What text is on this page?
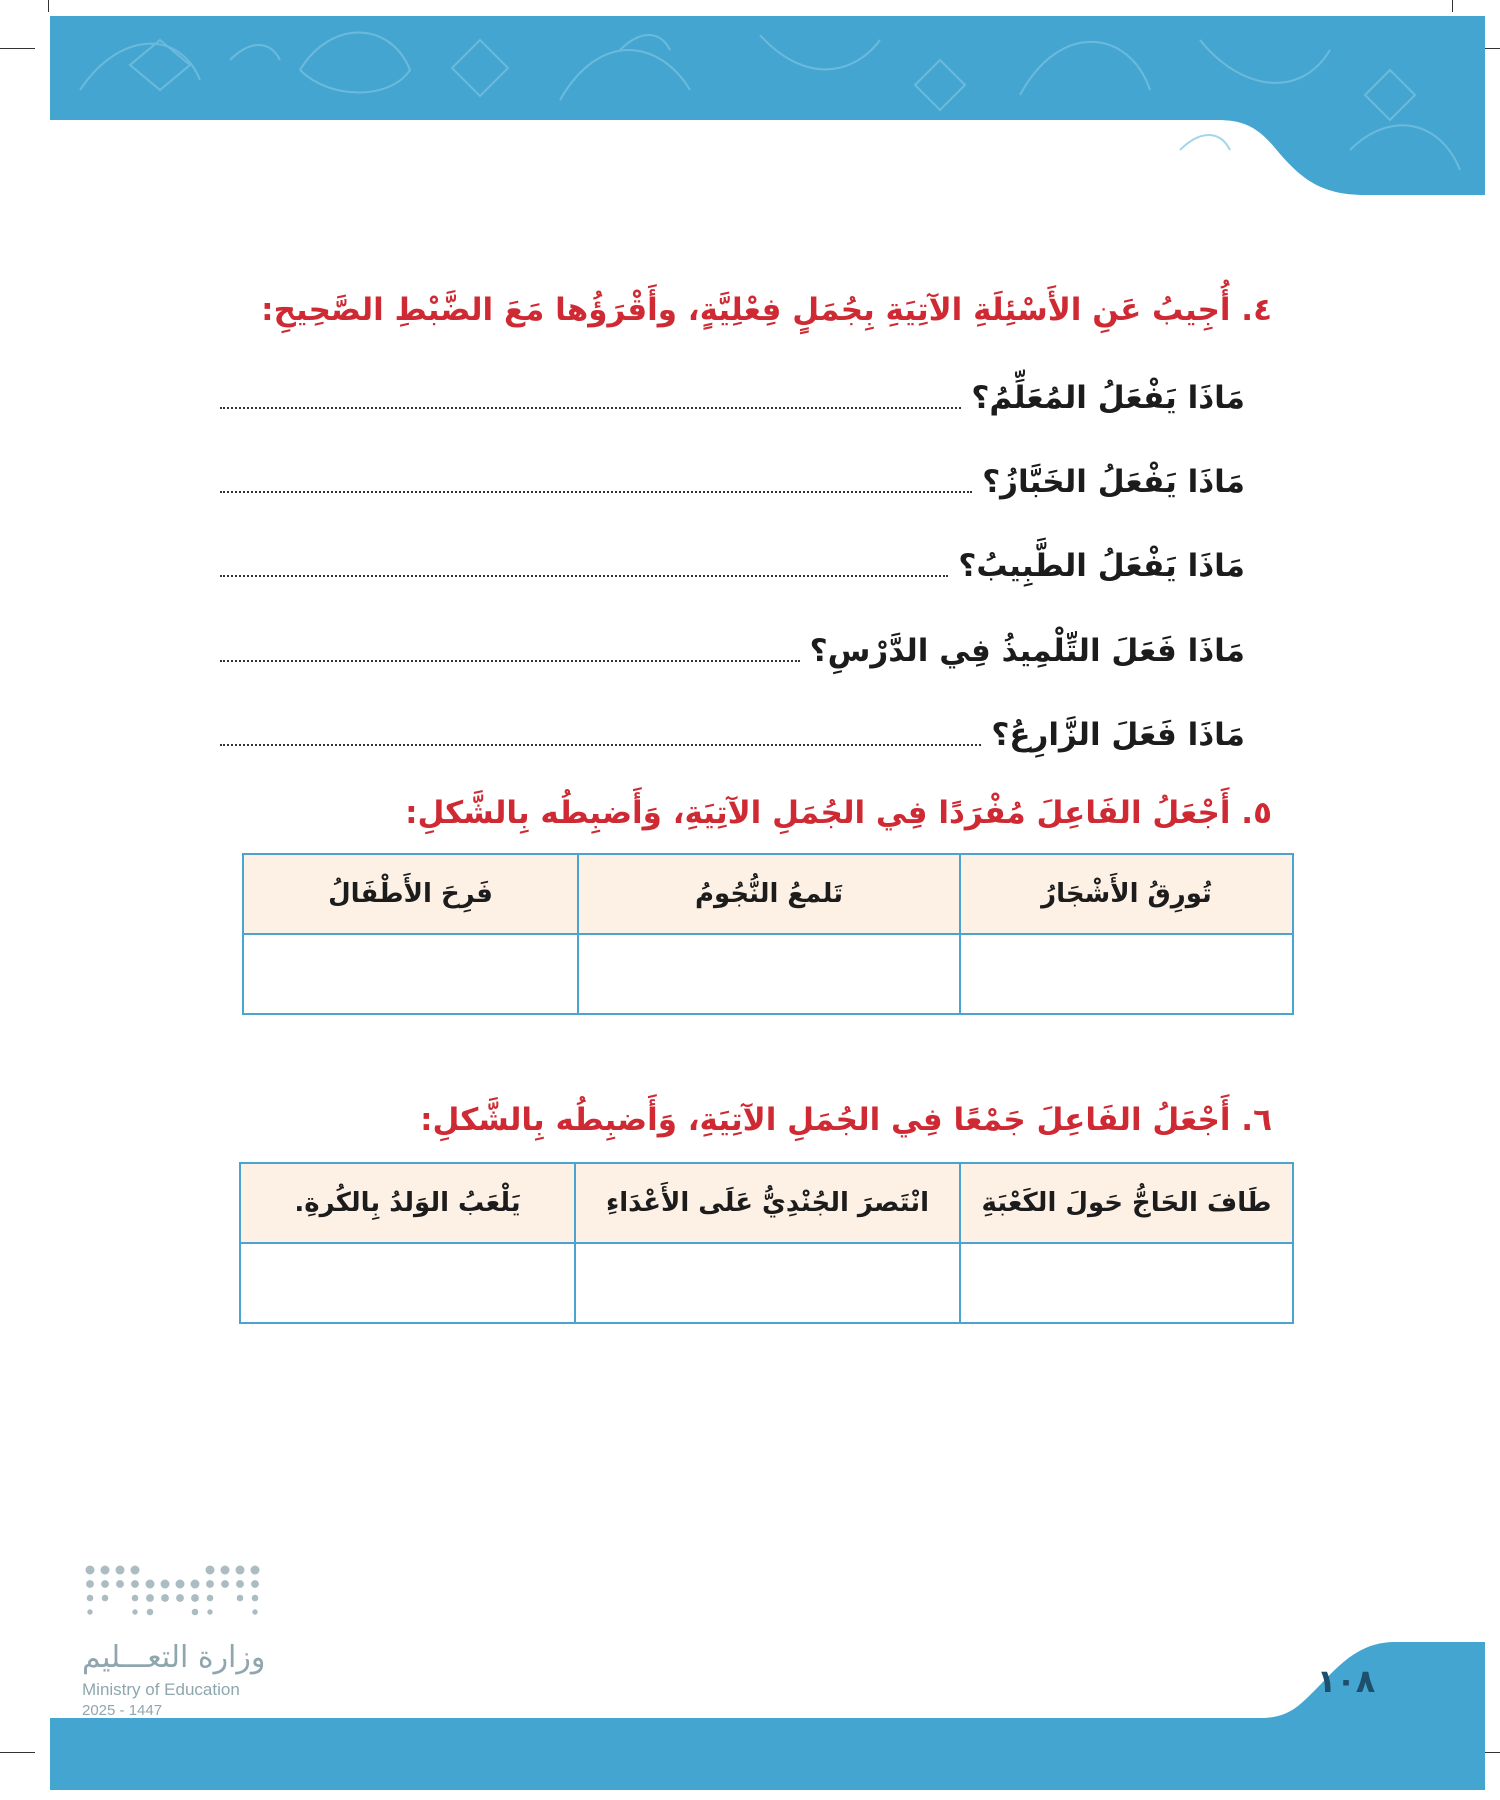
٤. أُجِيبُ عَنِ الأَسْئِلَةِ الآتِيَةِ بِجُمَلٍ فِعْلِيَّةٍ، وأَقْرَؤُها مَعَ الضَّبْطِ الصَّحِيحِ:

مَاذَا يَفْعَلُ المُعَلِّمُ؟
مَاذَا يَفْعَلُ الخَبَّازُ؟
مَاذَا يَفْعَلُ الطَّبِيبُ؟
مَاذَا فَعَلَ التِّلْمِيذُ فِي الدَّرْسِ؟
مَاذَا فَعَلَ الزَّارِعُ؟

٥. أَجْعَلُ الفَاعِلَ مُفْرَدًا فِي الجُمَلِ الآتِيَةِ، وَأَضبِطُه بِالشَّكلِ:

تُورِقُ الأَشْجَارُ	تَلمعُ النُّجُومُ	فَرِحَ الأَطْفَالُ

٦. أَجْعَلُ الفَاعِلَ جَمْعًا فِي الجُمَلِ الآتِيَةِ، وَأَضبِطُه بِالشَّكلِ:

طَافَ الحَاجُّ حَولَ الكَعْبَةِ	انْتَصرَ الجُنْدِيُّ عَلَى الأَعْدَاءِ	يَلْعَبُ الوَلدُ بِالكُرةِ.

وزارة التعـــليم
Ministry of Education
2025 - 1447
١٠٨
